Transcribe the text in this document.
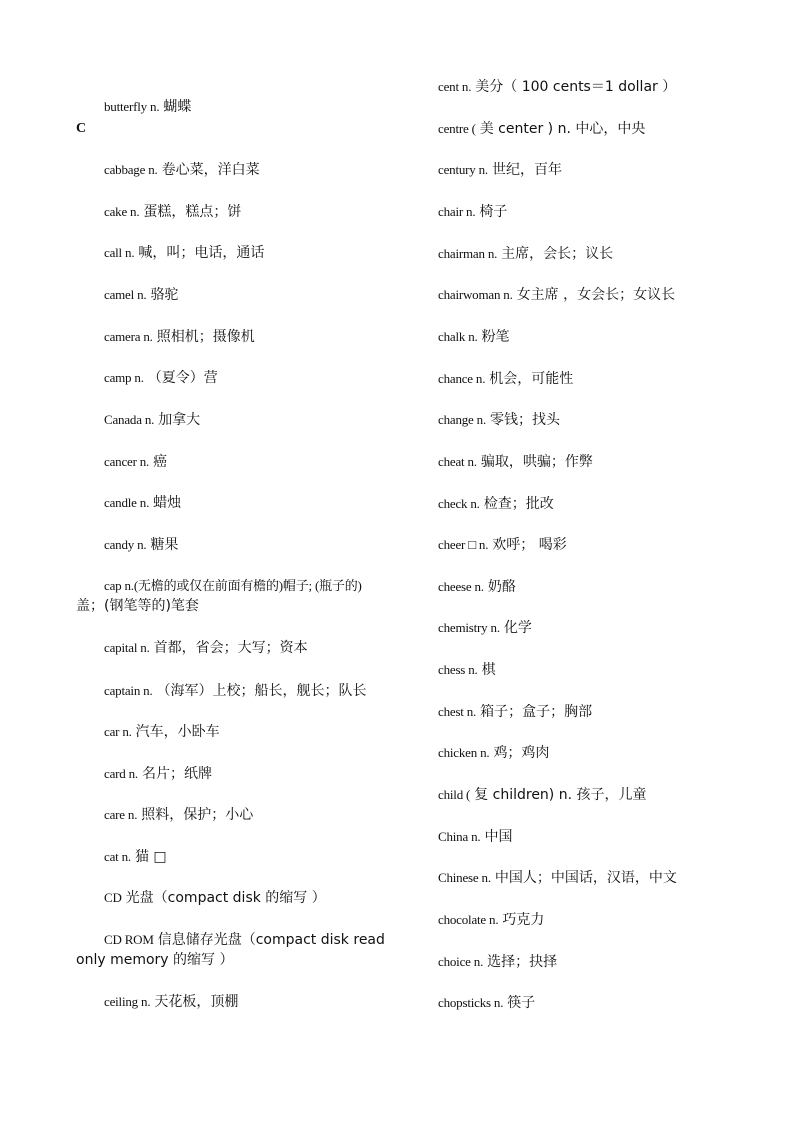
butterfly n. 蝴蝶
cabbage n. 卷心菜，洋白菜
cake n. 蛋糕，糕点；饼
call n. 喊，叫；电话，通话
camel n. 骆驼
camera n. 照相机；摄像机
camp n. （夏令）营
Canada n. 加拿大
cancer n. 癌
candle n. 蜡烛
candy n. 糖果
cap n.(无檐的或仅在前面有檐的)帽子; (瓶子的)
盖；(钢笔等的)笔套
capital n. 首都，省会；大写；资本
captain n. （海军）上校；船长，舰长；队长
car n. 汽车，小卧车
card n. 名片；纸牌
care n. 照料，保护；小心
cat n. 猫 □
CD 光盘（compact disk 的缩写 ）
CD ROM 信息储存光盘（compact disk read
only memory 的缩写 ）
ceiling n. 天花板，顶棚
C
cent n. 美分（ 100 cents＝1 dollar ）
centre ( 美 center ) n. 中心，中央
century n. 世纪，百年
chair n. 椅子
chairman n. 主席，会长；议长
chairwoman n. 女主席 ，女会长；女议长
chalk n. 粉笔
chance n. 机会，可能性
change n. 零钱；找头
cheat n. 骗取，哄骗；作弊
check n. 检查；批改
cheer □ n. 欢呼； 喝彩
cheese n. 奶酪
chemistry n. 化学
chess n. 棋
chest n. 箱子；盒子；胸部
chicken n. 鸡；鸡肉
child ( 复 children) n. 孩子，儿童
China n. 中国
Chinese n. 中国人；中国话，汉语，中文
chocolate n. 巧克力
choice n. 选择；抉择
chopsticks n. 筷子
